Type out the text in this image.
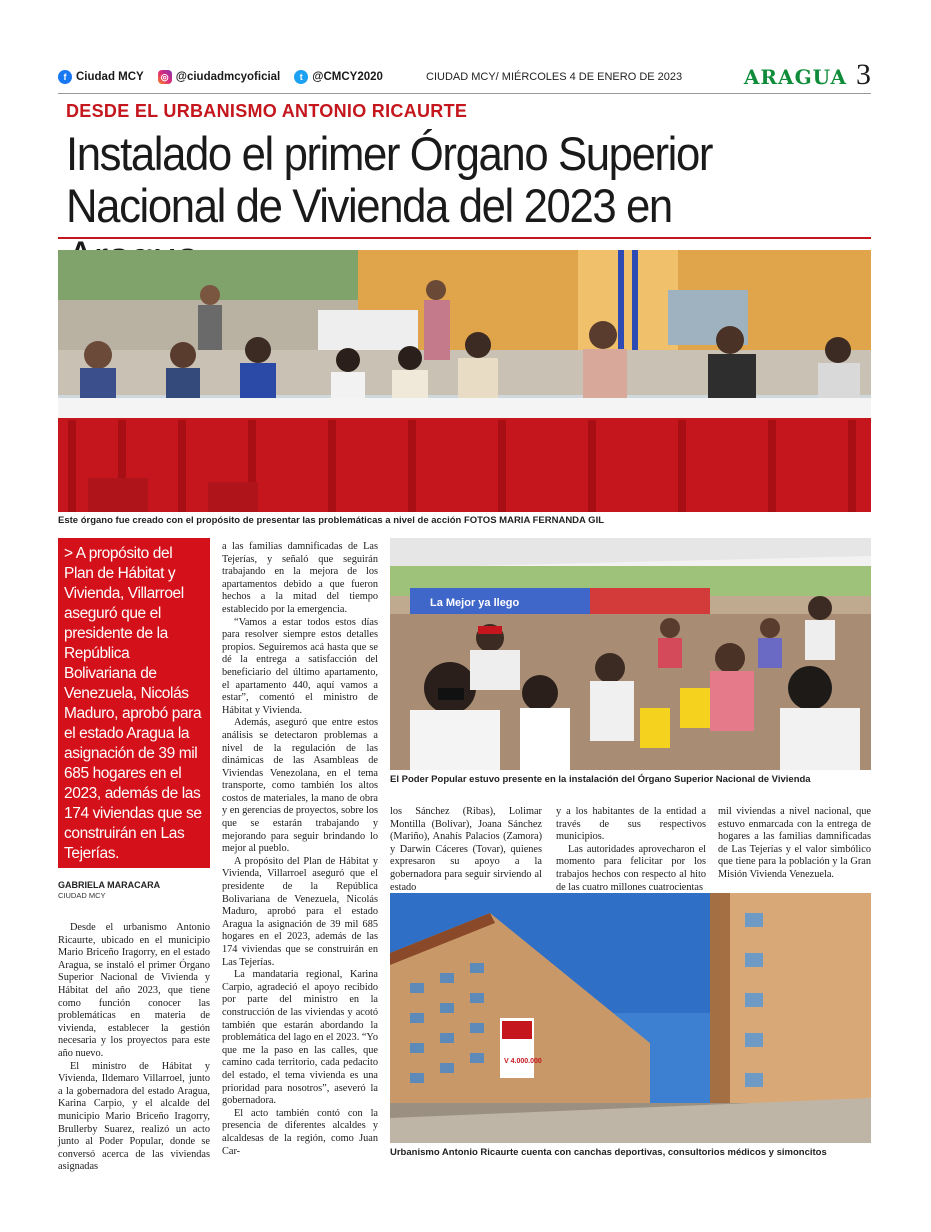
f Ciudad MCY	◎ @ciudadmcyoficial	t @CMCY2020	CIUDAD MCY/ MIÉRCOLES 4 DE ENERO DE 2023	ARAGUA 3
DESDE EL URBANISMO ANTONIO RICAURTE
Instalado el primer Órgano Superior Nacional de Vivienda del 2023 en
Este órgano fue creado con el propósito de presentar las problemáticas a nivel de acción FOTOS MARIA FERNANDA GIL
> A propósito del Plan de Hábitat y Vivienda, Villarroel aseguró que el presidente de la República Bolivariana de Venezuela, Nicolás Maduro, aprobó para el estado Aragua la asignación de 39 mil 685 hogares en el 2023, además de las 174 viviendas que se construirán en Las Tejerías.
GABRIELA MARACARA
CIUDAD MCY

Desde el urbanismo Antonio Ricaurte, ubicado en el municipio Mario Briceño Iragorry, en el estado Aragua, se instaló el primer Órgano Superior Nacional de Vivienda y Hábitat del año 2023, que tiene como función conocer las problemáticas en materia de vivienda, establecer la gestión necesaria y los proyectos para este año nuevo.

El ministro de Hábitat y Vivienda, Ildemaro Villarroel, junto a la gobernadora del estado Aragua, Karina Carpio, y el alcalde del municipio Mario Briceño Iragorry, Brullerby Suarez, realizó un acto junto al Poder Popular, donde se conversó acerca de las viviendas asignadas

a las familias damnificadas de Las Tejerías, y señaló que seguirán trabajando en la mejora de los apartamentos debido a que fueron hechos a la mitad del tiempo establecido por la emergencia.

“Vamos a estar todos estos días para resolver siempre estos detalles propios. Seguiremos acá hasta que se dé la entrega a satisfacción del beneficiario del último apartamento, el apartamento 440, aquí vamos a estar”, comentó el ministro de Hábitat y Vivienda.

Además, aseguró que entre estos análisis se detectaron problemas a nivel de la regulación de las dinámicas de las Asambleas de Viviendas Venezolana, en el tema transporte, como también los altos costos de materiales, la mano de obra y en gerencias de proyectos, sobre los que se estarán trabajando y mejorando para seguir brindando lo mejor al pueblo.

A propósito del Plan de Hábitat y Vivienda, Villarroel aseguró que el presidente de la República Bolivariana de Venezuela, Nicolás Maduro, aprobó para el estado Aragua la asignación de 39 mil 685 hogares en el 2023, además de las 174 viviendas que se construirán en Las Tejerías.

La mandataria regional, Karina Carpio, agradeció el apoyo recibido por parte del ministro en la construcción de las viviendas y acotó también que estarán abordando la problemática del lago en el 2023. “Yo que me la paso en las calles, que camino cada territorio, cada pedacito del estado, el tema vivienda es una prioridad para nosotros”, aseveró la gobernadora.

El acto también contó con la presencia de diferentes alcaldes y alcaldesas de la región, como Juan Car-

La Mejor ya llego
El Poder Popular estuvo presente en la instalación del Órgano Superior Nacional de Vivienda

los Sánchez (Ribas), Lolimar Montilla (Bolívar), Joana Sánchez (Mariño), Anahís Palacios (Zamora) y Darwin Cáceres (Tovar), quienes expresaron su apoyo a la gobernadora para seguir sirviendo al estado

y a los habitantes de la entidad a través de sus respectivos municipios.

Las autoridades aprovecharon el momento para felicitar por los trabajos hechos con respecto al hito de las cuatro millones cuatrocientas

mil viviendas a nivel nacional, que estuvo enmarcada con la entrega de hogares a las familias damnificadas de Las Tejerías y el valor simbólico que tiene para la población y la Gran Misión Vivienda Venezuela.

V 4.000.000
Urbanismo Antonio Ricaurte cuenta con canchas deportivas, consultorios médicos y simoncitos
